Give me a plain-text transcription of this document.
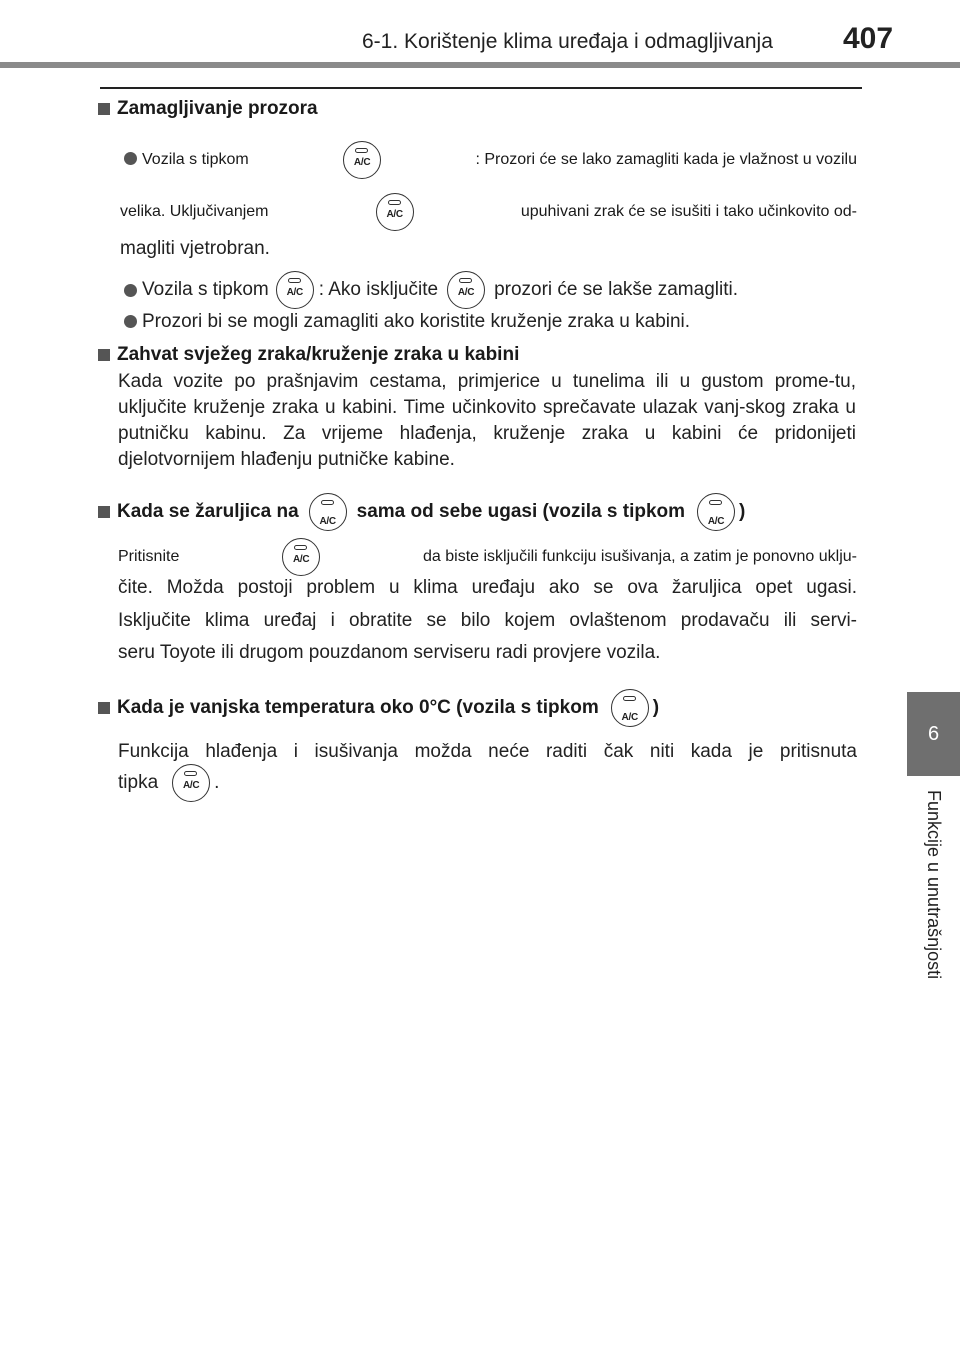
6-1. Korištenje klima uređaja i odmagljivanja 407
6
Funkcije u unutrašnjosti
Zamagljivanje prozora
Vozila s tipkom	A/C	: Prozori će se lako zamagliti kada je vlažnost u vozilu
velika. Uključivanjem	A/C	upuhivani zrak će se isušiti i tako učinkovito od-
magliti vjetrobran.
Vozila s tipkom	A/C : Ako isključite	A/C	prozori će se lakše zamagliti.
Prozori bi se mogli zamagliti ako koristite kruženje zraka u kabini.
Zahvat svježeg zraka/kruženje zraka u kabini
Kada vozite po prašnjavim cestama, primjerice u tunelima ili u gustom prome-tu, uključite kruženje zraka u kabini. Time učinkovito sprečavate ulazak vanj-skog zraka u putničku kabinu. Za vrijeme hlađenja, kruženje zraka u kabini će pridonijeti djelotvornijem hlađenju putničke kabine.
Kada se žaruljica na	A/C	sama od sebe ugasi (vozila s tipkom	A/C )
Pritisnite	A/C	da biste isključili funkciju isušivanja, a zatim je ponovno uklju-
čite. Možda postoji problem u klima uređaju ako se ova žaruljica opet ugasi.
Isključite klima uređaj i obratite se bilo kojem ovlaštenom prodavaču ili servi-
seru Toyote ili drugom pouzdanom serviseru radi provjere vozila.
Kada je vanjska temperatura oko 0°C (vozila s tipkom	A/C )
Funkcija hlađenja i isušivanja možda neće raditi čak niti kada je pritisnuta
tipka	A/C .
